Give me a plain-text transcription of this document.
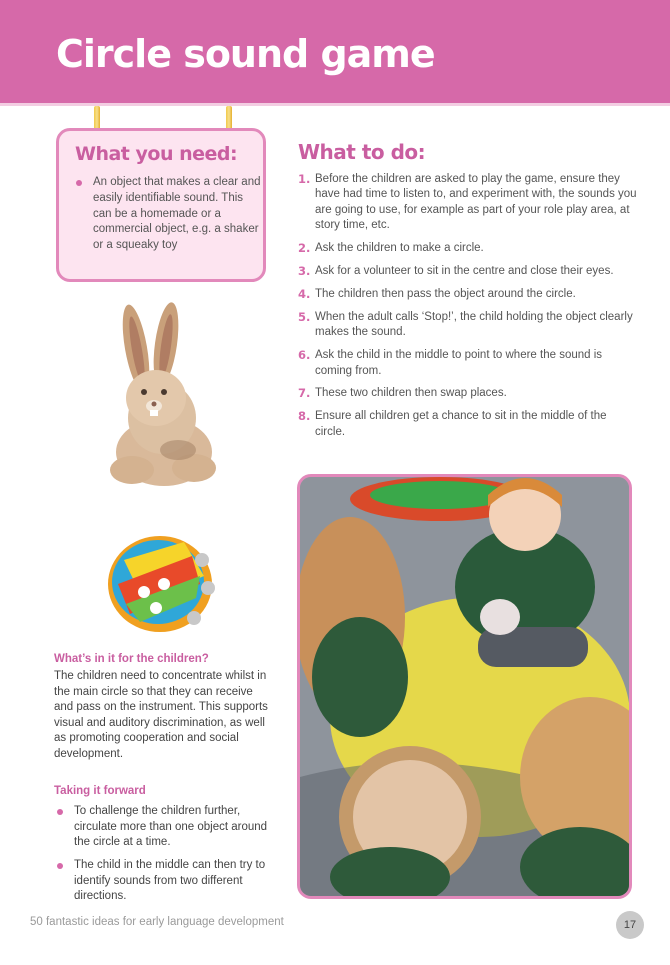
Circle sound game
What you need:
An object that makes a clear and easily identifiable sound. This can be a homemade or a commercial object, e.g. a shaker or a squeaky toy
What to do:
1. Before the children are asked to play the game, ensure they have had time to listen to, and experiment with, the sounds you are going to use, for example as part of your role play area, at story time, etc.
2. Ask the children to make a circle.
3. Ask for a volunteer to sit in the centre and close their eyes.
4. The children then pass the object around the circle.
5. When the adult calls ‘Stop!’, the child holding the object clearly makes the sound.
6. Ask the child in the middle to point to where the sound is coming from.
7. These two children then swap places.
8. Ensure all children get a chance to sit in the middle of the circle.
What’s in it for the children?

The children need to concentrate whilst in the main circle so that they can receive and pass on the instrument. This supports visual and auditory discrimination, as well as promoting cooperation and social development.

Taking it forward
To challenge the children further, circulate more than one object around the circle at a time.
The child in the middle can then try to identify sounds from two different directions.
50 fantastic ideas for early language development	17
